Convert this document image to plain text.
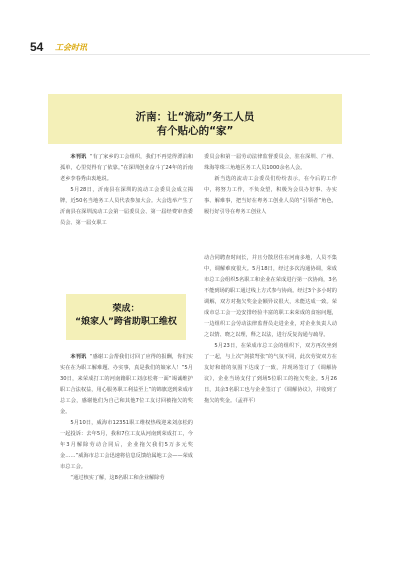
54 工会时讯
沂南：让“流动”务工人员
有个贴心的“家”

本刊讯 “有了家乡的工会组织，我们不再觉得漂泊和孤单，心里觉得有了依靠。”在深圳创业奋斗了24年的沂南老乡李春秀由衷地说。

5月28日，沂南县在深圳的流动工会委员会成立揭牌，近50名当地务工人员代表参加大会。大会选举产生了沂南县在深圳流动工会第一届委员会、第一届经费审查委员会、第一届女职工

委员会和第一届劳动法律监督委员会，驻在深圳、广州、珠海等珠三角地区务工人员1000余名人会。

新当选的流动工会委员们纷纷表示，在今后的工作中，将努力工作，不负众望，积极为会员办好事、办实事、解难事，把当好在粤务工创业人员的“引领者”角色，履行好引导在粤务工创业人

荣成：
“娘家人”跨省助职工维权

本刊讯 “感谢工会帮我们讨回了应得的报酬，你们实实在在为职工解难题、办实事，真是我们的娘家人！”5月30日，来荣成打工的河南籍职工刘彦松将一面“竭诚维护职工合法权益，用心服务职工利益至上”的锦旗送到荣成市总工会，感谢他们为自己和其他7位工友讨回被拖欠的奖金。

5月10日，威海市12351职工维权热线迎来刘彦松的一起投诉：去年5月，我和7位工友从河南到荣成打工，今年3月解除劳动合同后，企业拖欠我们5万多元奖金……”威海市总工会迅速将信息反馈给属地工会——荣成市总工会。

“通过核实了解，这8名职工和企业解除劳

动合同聘查时间长，并且分散居住在河南多地，人员不集中，调解难度很大。5月18日，经过多次沟通协调，荣成市总工会组织5名职工和企业在荣成进行第一次协商，3名不能到场的职工通过线上方式参与协商。经过3个多小时的调解，双方对拖欠奖金金额异议很大，未能达成一致。荣成市总工会一边安排经验丰富的职工来荣成的食宿问题，一边组织工会劳动法律监督员走进企业，对企业负责人动之以情、晓之以理，释之以法，进行反复沟通与疏导。

5月23日，在荣成市总工会的组织下，双方再次坐到了一起，与上次“剑拔弩张”的气氛不同，此次劳资双方在友好和谐的氛围下达成了一致，并现场签订了《调解协议》，企业当场支付了到场5位职工的拖欠奖金。5月26日，其余3名职工也与企业签订了《调解协议》，并收到了拖欠的奖金。（孟祥平）
